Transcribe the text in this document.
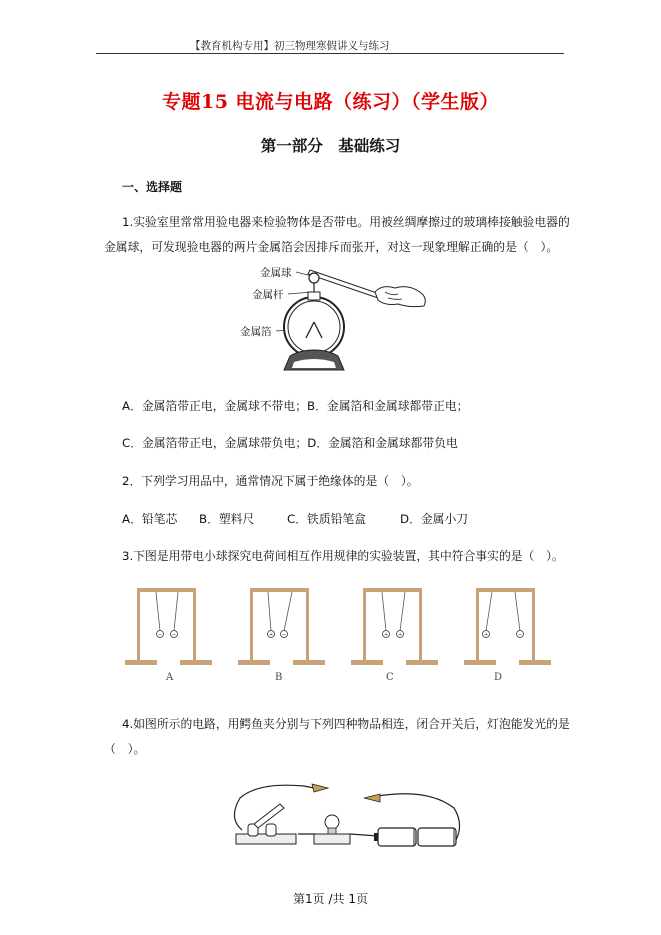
【教育机构专用】初三物理寒假讲义与练习
专题15 电流与电路（练习）（学生版）
第一部分　基础练习
一、选择题
1.实验室里常常用验电器来检验物体是否带电。用被丝绸摩擦过的玻璃棒接触验电器的
金属球，可发现验电器的两片金属箔会因排斥而张开，对这一现象理解正确的是（　）。
金属球
金属杆
金属箔
A．金属箔带正电，金属球不带电；B．金属箔和金属球都带正电；
C．金属箔带正电，金属球带负电；D．金属箔和金属球都带负电
2．下列学习用品中，通常情况下属于绝缘体的是（　）。
A．铅笔芯 B．塑料尺	C．铁质铅笔盒	D．金属小刀
3.下图是用带电小球探究电荷间相互作用规律的实验装置，其中符合事实的是（　）。
− −	+ −	+ +	+	−
A	B	C	D
4.如图所示的电路，用鳄鱼夹分别与下列四种物品相连，闭合开关后，灯泡能发光的是
（　）。
第1页 /共 1页
